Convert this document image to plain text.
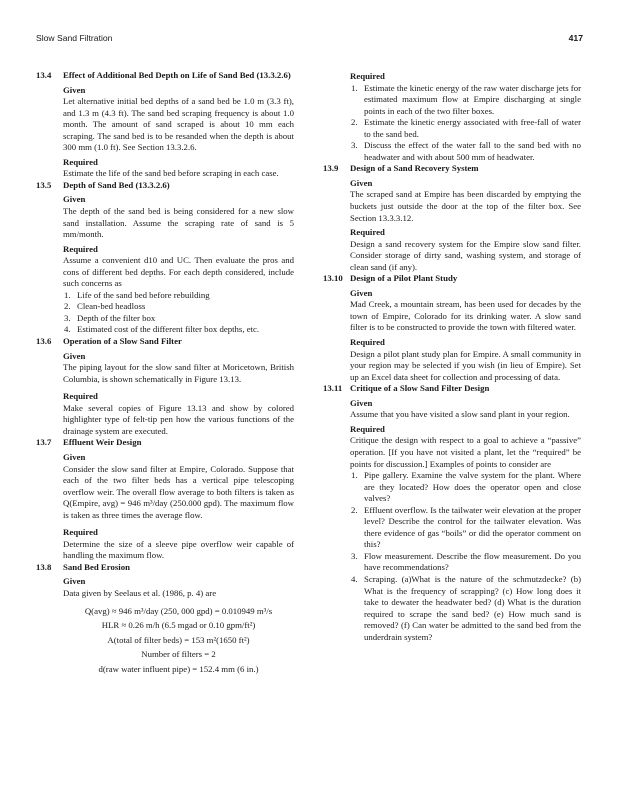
Slow Sand Filtration	417
13.4 Effect of Additional Bed Depth on Life of Sand Bed (13.3.2.6)
Given

Let alternative initial bed depths of a sand bed be 1.0 m (3.3 ft), and 1.3 m (4.3 ft). The sand bed scraping frequency is about 1.0 month. The amount of sand scraped is about 10 mm each scraping. The sand bed is to be resanded when the depth is about 300 mm (1.0 ft). See Section 13.3.2.6.

Required

Estimate the life of the sand bed before scraping in each case.

13.5 Depth of Sand Bed (13.3.2.6)
Given

The depth of the sand bed is being considered for a new slow sand installation. Assume the scraping rate of sand is 5 mm/month.

Required

Assume a convenient d10 and UC. Then evaluate the pros and cons of different bed depths. For each depth considered, include such concerns as

1. Life of the sand bed before rebuilding
2. Clean-bed headloss
3. Depth of the filter box
4. Estimated cost of the different filter box depths, etc.
13.6 Operation of a Slow Sand Filter
Given

The piping layout for the slow sand filter at Moricetown, British Columbia, is shown schematically in Figure 13.13.

Required

Make several copies of Figure 13.13 and show by colored highlighter type of felt-tip pen how the various functions of the drainage system are executed.

13.7 Effluent Weir Design
Given

Consider the slow sand filter at Empire, Colorado. Suppose that each of the two filter beds has a vertical pipe telescoping overflow weir. The overall flow average to both filters is taken as Q(Empire, avg) = 946 m³/day (250.000 gpd). The maximum flow is taken as three times the average flow.

Required

Determine the size of a sleeve pipe overflow weir capable of handling the maximum flow.

13.8 Sand Bed Erosion
Given

Data given by Seelaus et al. (1986, p. 4) are

Q(avg) ≈ 946 m³/day (250, 000 gpd) = 0.010949 m³/s
HLR ≈ 0.26 m/h (6.5 mgad or 0.10 gpm/ft²)
A(total of filter beds) = 153 m²(1650 ft²)
Number of filters = 2
d(raw water influent pipe) = 152.4 mm (6 in.)
Required
1. Estimate the kinetic energy of the raw water discharge jets for estimated maximum flow at Empire discharging at single points in each of the two filter boxes.
2. Estimate the kinetic energy associated with free-fall of water to the sand bed.
3. Discuss the effect of the water fall to the sand bed with no headwater and with about 500 mm of headwater.
13.9 Design of a Sand Recovery System
Given

The scraped sand at Empire has been discarded by emptying the buckets just outside the door at the top of the filter box. See Section 13.3.3.12.

Required

Design a sand recovery system for the Empire slow sand filter. Consider storage of dirty sand, washing system, and storage of clean sand (if any).

13.10 Design of a Pilot Plant Study
Given

Mad Creek, a mountain stream, has been used for decades by the town of Empire, Colorado for its drinking water. A slow sand filter is to be constructed to provide the town with filtered water.

Required

Design a pilot plant study plan for Empire. A small community in your region may be selected if you wish (in lieu of Empire). Set up an Excel data sheet for collection and processing of data.

13.11 Critique of a Slow Sand Filter Design
Given

Assume that you have visited a slow sand plant in your region.

Required

Critique the design with respect to a goal to achieve a “passive” operation. [If you have not visited a plant, let the “required” be points for discussion.] Examples of points to consider are

1. Pipe gallery. Examine the valve system for the plant. Where are they located? How does the operator open and close valves?
2. Effluent overflow. Is the tailwater weir elevation at the proper level? Describe the control for the tailwater elevation. Was there evidence of gas “boils” or did the operator comment on this?
3. Flow measurement. Describe the flow measurement. Do you have recommendations?
4. Scraping. (a)What is the nature of the schmutzdecke? (b) What is the frequency of scrapping? (c) How long does it take to dewater the headwater bed? (d) What is the duration required to scrape the sand bed? (e) How much sand is removed? (f) Can water be admitted to the sand bed from the underdrain system?
